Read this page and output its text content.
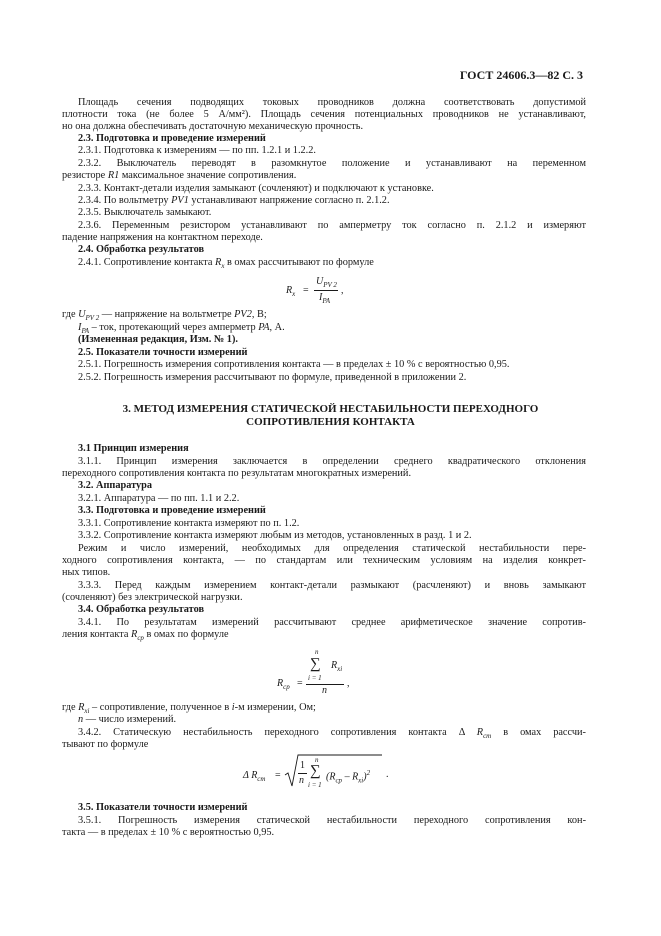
ГОСТ 24606.3—82 С. 3
Площадь сечения подводящих токовых проводников должна соответствовать допустимой
плотности тока (не более 5 А/мм²). Площадь сечения потенциальных проводников не устанавливают,
но она должна обеспечивать достаточную механическую прочность.
2.3. Подготовка и проведение измерений
2.3.1. Подготовка к измерениям — по пп. 1.2.1 и 1.2.2.
2.3.2. Выключатель переводят в разомкнутое положение и устанавливают на переменном
резисторе R1 максимальное значение сопротивления.
2.3.3. Контакт-детали изделия замыкают (сочленяют) и подключают к установке.
2.3.4. По вольтметру PV1 устанавливают напряжение согласно п. 2.1.2.
2.3.5. Выключатель замыкают.
2.3.6. Переменным резистором устанавливают по амперметру ток согласно п. 2.1.2 и измеряют
падение напряжения на контактном переходе.
2.4. Обработка результатов
2.4.1. Сопротивление контакта $R_x$ в омах рассчитывают по формуле
$R_x$ =
$U_{PV 2}$
$I_{PA}$
,
где $U_{PV 2}$ — напряжение на вольтметре PV2, В;
$I_{PA}$ – ток, протекающий через амперметр PA, А.
(Измененная редакция, Изм. № 1).
2.5. Показатели точности измерений
2.5.1. Погрешность измерения сопротивления контакта — в пределах ± 10 % с вероятностью 0,95.
2.5.2. Погрешность измерения рассчитывают по формуле, приведенной в приложении 2.
3. МЕТОД ИЗМЕРЕНИЯ СТАТИЧЕСКОЙ НЕСТАБИЛЬНОСТИ ПЕРЕХОДНОГО
СОПРОТИВЛЕНИЯ КОНТАКТА
3.1 Принцип измерения
3.1.1. Принцип измерения заключается в определении среднего квадратического отклонения
переходного сопротивления контакта по результатам многократных измерений.
3.2. Аппаратура
3.2.1. Аппаратура — по пп. 1.1 и 2.2.
3.3. Подготовка и проведение измерений
3.3.1. Сопротивление контакта измеряют по п. 1.2.
3.3.2. Сопротивление контакта измеряют любым из методов, установленных в разд. 1 и 2.
Режим и число измерений, необходимых для определения статической нестабильности пере-
ходного сопротивления контакта, — по стандартам или техническим условиям на изделия конкрет-
ных типов.
3.3.3. Перед каждым измерением контакт-детали размыкают (расчленяют) и вновь замыкают
(сочленяют) без электрической нагрузки.
3.4. Обработка результатов
3.4.1. По результатам измерений рассчитывают среднее арифметическое значение сопротив-
ления контакта $R_{ср}$ в омах по формуле
n
∑ $R_{xi}$
i = 1
$R_{ср}$ =
n
,
где $R_{xi}$ – сопротивление, полученное в i-м измерении, Ом;
n — число измерений.
3.4.2. Статическую нестабильность переходного сопротивления контакта Δ $R_{ст}$ в омах рассчи-
тывают по формуле
Δ $R_{ст}$ =
1
n
n
∑
i = 1
$(R_{ср} - R_{xi})^2$ .
3.5. Показатели точности измерений
3.5.1. Погрешность измерения статической нестабильности переходного сопротивления кон-
такта — в пределах ± 10 % с вероятностью 0,95.
